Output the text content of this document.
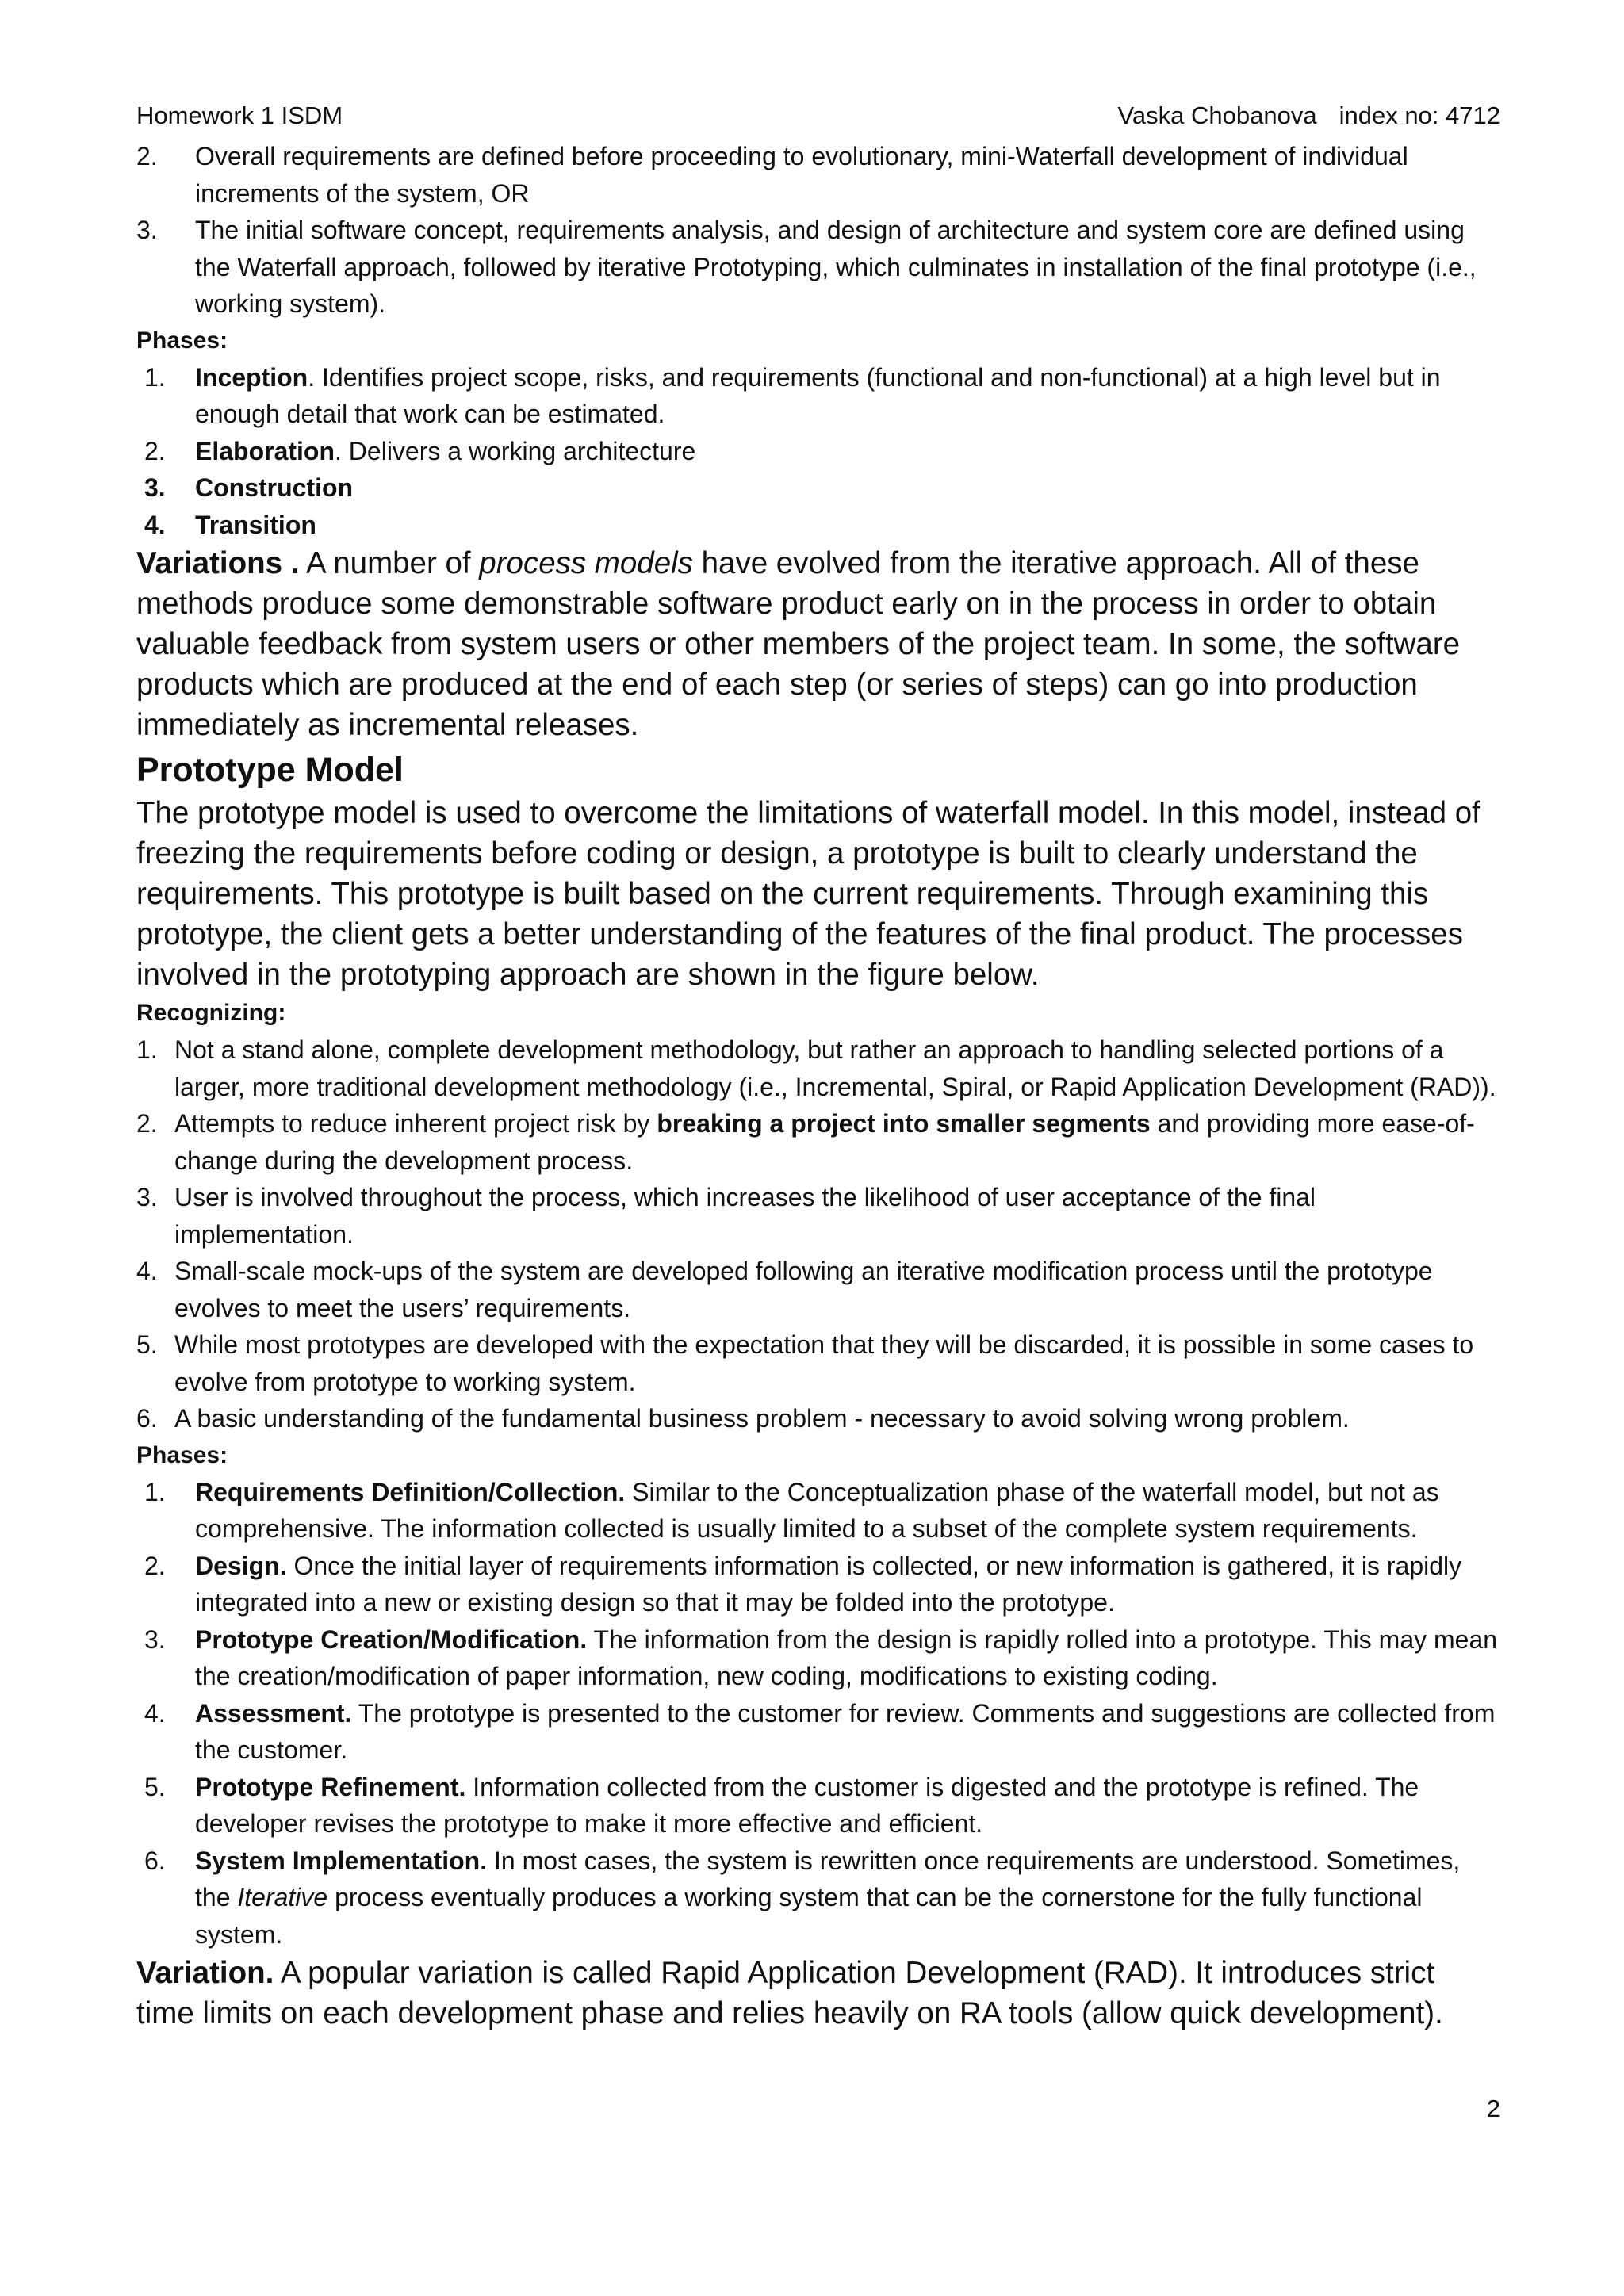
Homework 1 ISDM	Vaska Chobanova index no: 4712
2.	Overall requirements are defined before proceeding to evolutionary, mini-Waterfall development of individual increments of the system, OR
3.	The initial software concept, requirements analysis, and design of architecture and system core are defined using the Waterfall approach, followed by iterative Prototyping, which culminates in installation of the final prototype (i.e., working system).
Phases:
1.	Inception. Identifies project scope, risks, and requirements (functional and non-functional) at a high level but in enough detail that work can be estimated.
2.	Elaboration. Delivers a working architecture
3.	Construction
4.	Transition
Variations . A number of process models have evolved from the iterative approach. All of these methods produce some demonstrable software product early on in the process in order to obtain valuable feedback from system users or other members of the project team. In some, the software products which are produced at the end of each step (or series of steps) can go into production immediately as incremental releases.
Prototype Model
The prototype model is used to overcome the limitations of waterfall model. In this model, instead of freezing the requirements before coding or design, a prototype is built to clearly understand the requirements. This prototype is built based on the current requirements. Through examining this prototype, the client gets a better understanding of the features of the final product. The processes involved in the prototyping approach are shown in the figure below.
Recognizing:
1. Not a stand alone, complete development methodology, but rather an approach to handling selected portions of a larger, more traditional development methodology (i.e., Incremental, Spiral, or Rapid Application Development (RAD)).
2. Attempts to reduce inherent project risk by breaking a project into smaller segments and providing more ease-of-change during the development process.
3. User is involved throughout the process, which increases the likelihood of user acceptance of the final implementation.
4. Small-scale mock-ups of the system are developed following an iterative modification process until the prototype evolves to meet the users’ requirements.
5. While most prototypes are developed with the expectation that they will be discarded, it is possible in some cases to evolve from prototype to working system.
6. A basic understanding of the fundamental business problem - necessary to avoid solving wrong problem.
Phases:
1.	Requirements Definition/Collection. Similar to the Conceptualization phase of the waterfall model, but not as comprehensive. The information collected is usually limited to a subset of the complete system requirements.
2.	Design. Once the initial layer of requirements information is collected, or new information is gathered, it is rapidly integrated into a new or existing design so that it may be folded into the prototype.
3.	Prototype Creation/Modification. The information from the design is rapidly rolled into a prototype. This may mean the creation/modification of paper information, new coding, modifications to existing coding.
4.	Assessment. The prototype is presented to the customer for review. Comments and suggestions are collected from the customer.
5.	Prototype Refinement. Information collected from the customer is digested and the prototype is refined. The developer revises the prototype to make it more effective and efficient.
6.	System Implementation. In most cases, the system is rewritten once requirements are understood. Sometimes, the Iterative process eventually produces a working system that can be the cornerstone for the fully functional system.
Variation. A popular variation is called Rapid Application Development (RAD). It introduces strict time limits on each development phase and relies heavily on RA tools (allow quick development).
2
